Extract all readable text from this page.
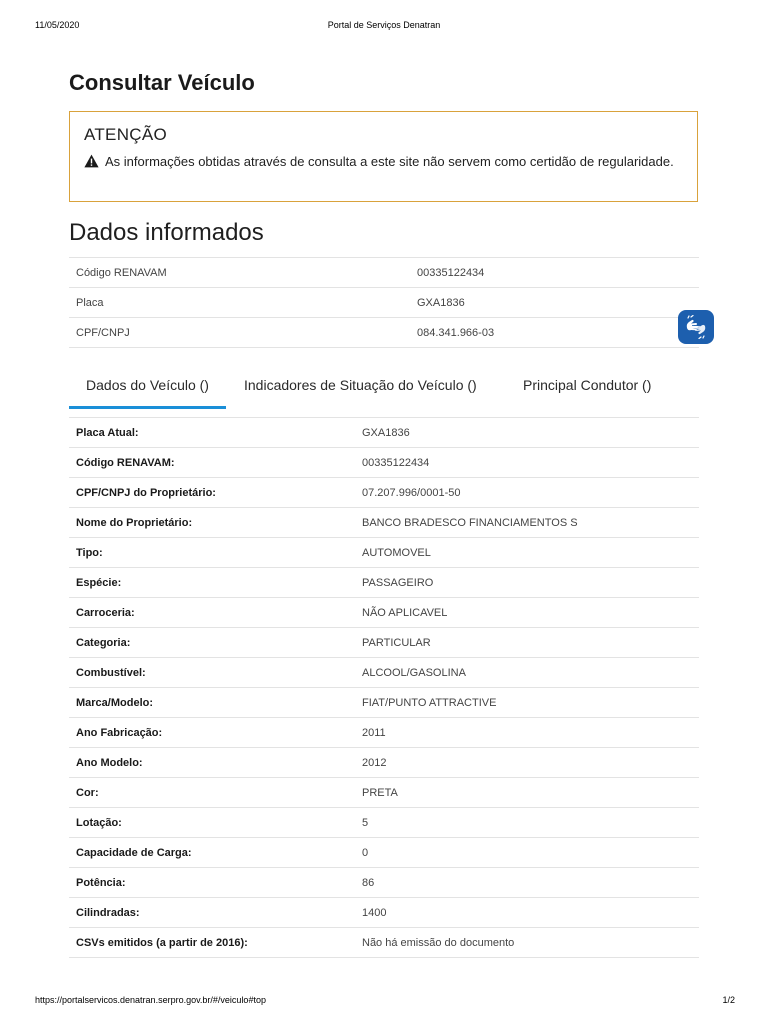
11/05/2020	Portal de Serviços Denatran
Consultar Veículo
ATENÇÃO
As informações obtidas através de consulta a este site não servem como certidão de regularidade.
Dados informados
Código RENAVAM	00335122434
Placa	GXA1836
CPF/CNPJ	084.341.966-03
Dados do Veículo ()	Indicadores de Situação do Veículo ()	Principal Condutor ()
Placa Atual:	GXA1836
Código RENAVAM:	00335122434
CPF/CNPJ do Proprietário:	07.207.996/0001-50
Nome do Proprietário:	BANCO BRADESCO FINANCIAMENTOS S
Tipo:	AUTOMOVEL
Espécie:	PASSAGEIRO
Carroceria:	NÃO APLICAVEL
Categoria:	PARTICULAR
Combustível:	ALCOOL/GASOLINA
Marca/Modelo:	FIAT/PUNTO ATTRACTIVE
Ano Fabricação:	2011
Ano Modelo:	2012
Cor:	PRETA
Lotação:	5
Capacidade de Carga:	0
Potência:	86
Cilindradas:	1400
CSVs emitidos (a partir de 2016):	Não há emissão do documento
https://portalservicos.denatran.serpro.gov.br/#/veiculo#top	1/2
